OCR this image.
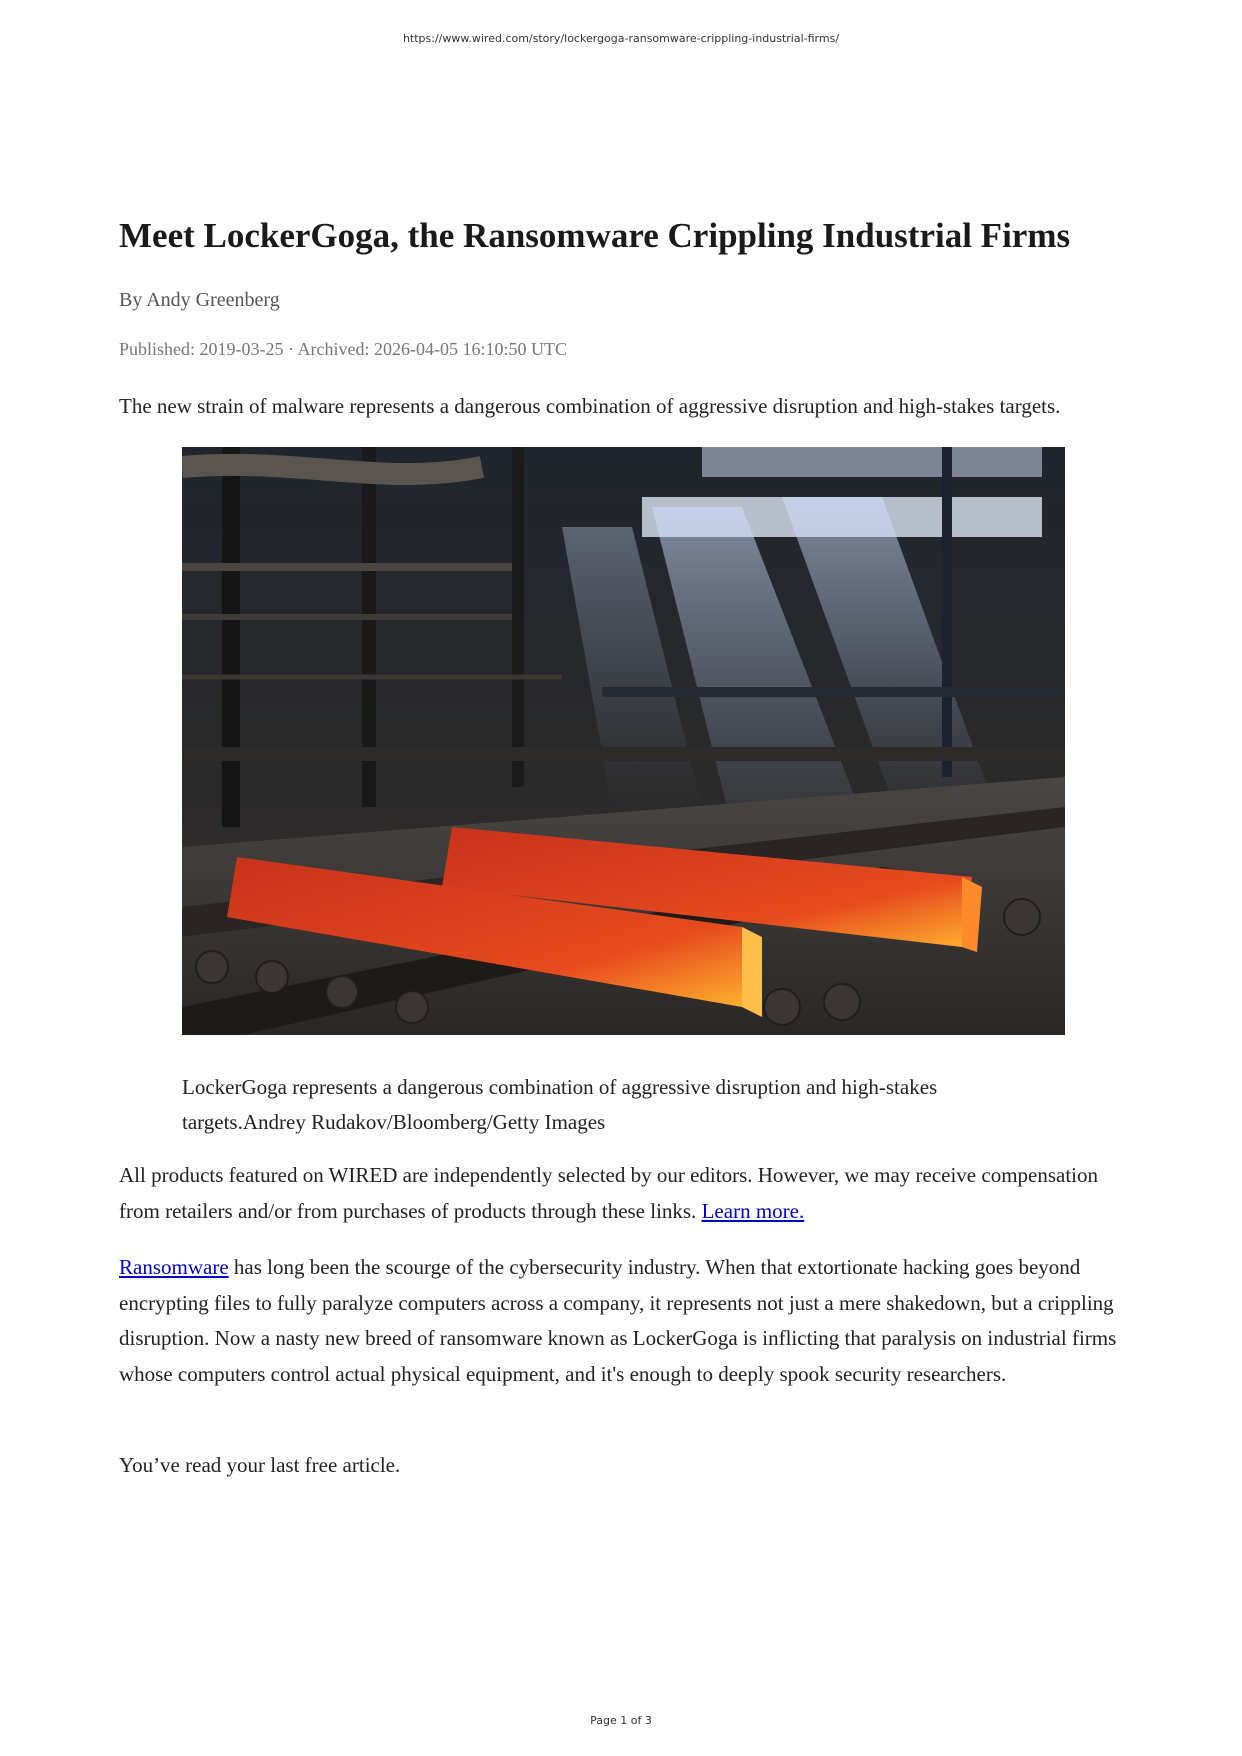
https://www.wired.com/story/lockergoga-ransomware-crippling-industrial-firms/
Meet LockerGoga, the Ransomware Crippling Industrial Firms
By Andy Greenberg
Published: 2019-03-25 · Archived: 2026-04-05 16:10:50 UTC
The new strain of malware represents a dangerous combination of aggressive disruption and high-stakes targets.
LockerGoga represents a dangerous combination of aggressive disruption and high-stakes targets.Andrey Rudakov/Bloomberg/Getty Images

All products featured on WIRED are independently selected by our editors. However, we may receive compensation from retailers and/or from purchases of products through these links. Learn more.

Ransomware has long been the scourge of the cybersecurity industry. When that extortionate hacking goes beyond encrypting files to fully paralyze computers across a company, it represents not just a mere shakedown, but a crippling disruption. Now a nasty new breed of ransomware known as LockerGoga is inflicting that paralysis on industrial firms whose computers control actual physical equipment, and it's enough to deeply spook security researchers.

You’ve read your last free article.

Page 1 of 3
